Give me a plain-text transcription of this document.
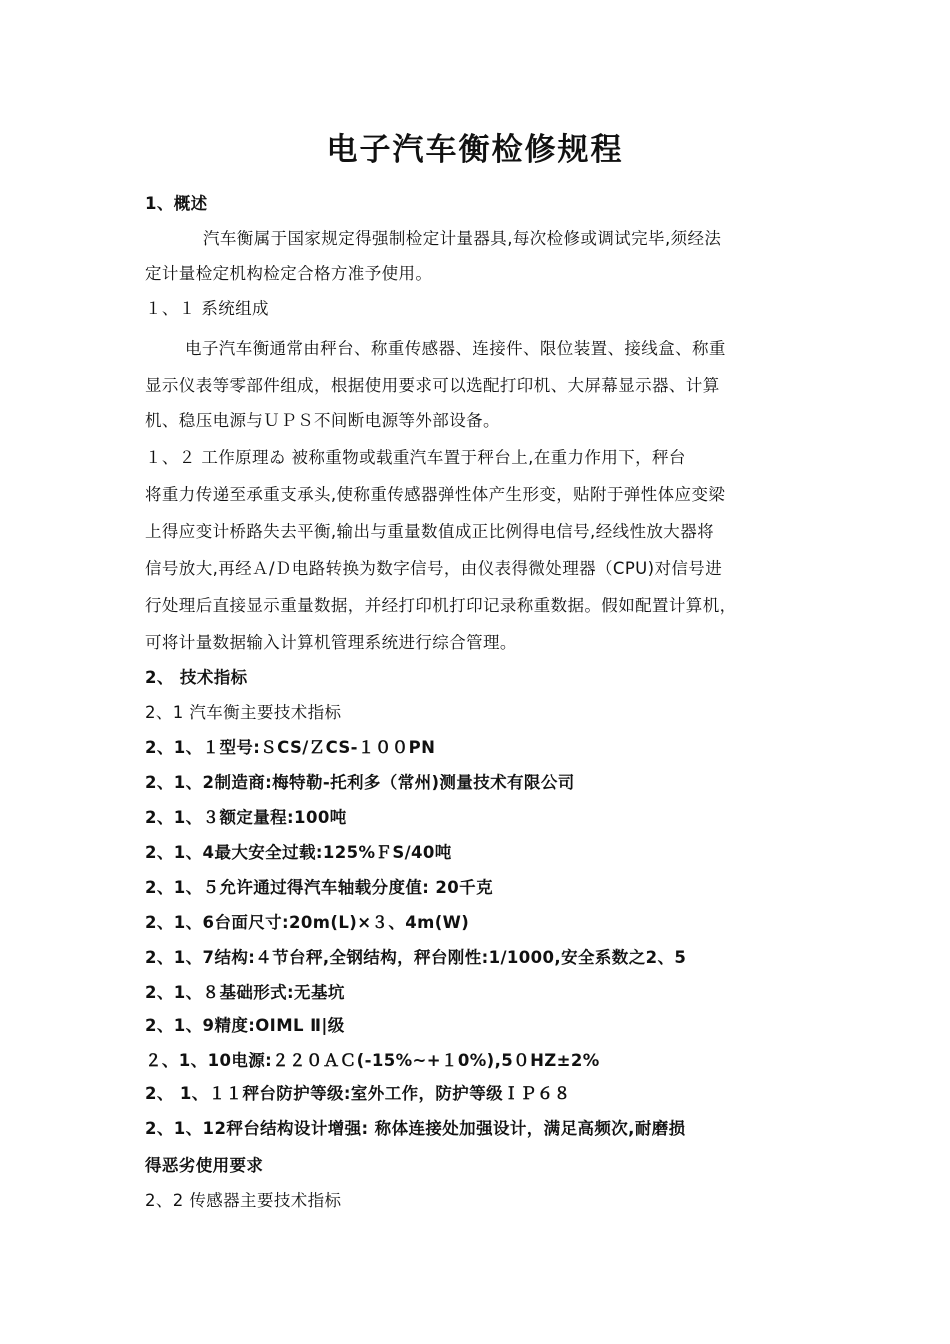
电子汽车衡检修规程
1、概述
汽车衡属于国家规定得强制检定计量器具,每次检修或调试完毕,须经法
定计量检定机构检定合格方准予使用。
１、１ 系统组成
电子汽车衡通常由秤台、称重传感器、连接件、限位装置、接线盒、称重
显示仪表等零部件组成，根据使用要求可以选配打印机、大屏幕显示器、计算
机、稳压电源与ＵＰＳ不间断电源等外部设备。
１、２ 工作原理ゐ 被称重物或载重汽车置于秤台上,在重力作用下，秤台
将重力传递至承重支承头,使称重传感器弹性体产生形变，贴附于弹性体应变梁
上得应变计桥路失去平衡,输出与重量数值成正比例得电信号,经线性放大器将
信号放大,再经Ａ/Ｄ电路转换为数字信号，由仪表得微处理器（CPU)对信号进
行处理后直接显示重量数据，并经打印机打印记录称重数据。假如配置计算机，
可将计量数据输入计算机管理系统进行综合管理。
2、 技术指标
2、1 汽车衡主要技术指标
2、1、１型号:ＳCS/ＺCS-１００PN
2、1、2制造商:梅特勒-托利多（常州)测量技术有限公司
2、1、３额定量程:100吨
2、1、4最大安全过载:125%ＦS/40吨
2、1、５允许通过得汽车轴载分度值: 20千克
2、1、6台面尺寸:20m(L)×３、4m(W)
2、1、7结构:４节台秤,全钢结构，秤台刚性:1/1000,安全系数之2、5
2、1、８基础形式:无基坑
2、1、9精度:OIML Ⅱ|级
２、1、10电源:２２０ＡＣ(-15%~+１0%),5０HZ±2%
2、 1、１１秤台防护等级:室外工作，防护等级ＩＰ６８
2、1、12秤台结构设计增强: 称体连接处加强设计，满足高频次,耐磨损
得恶劣使用要求
2、2 传感器主要技术指标
